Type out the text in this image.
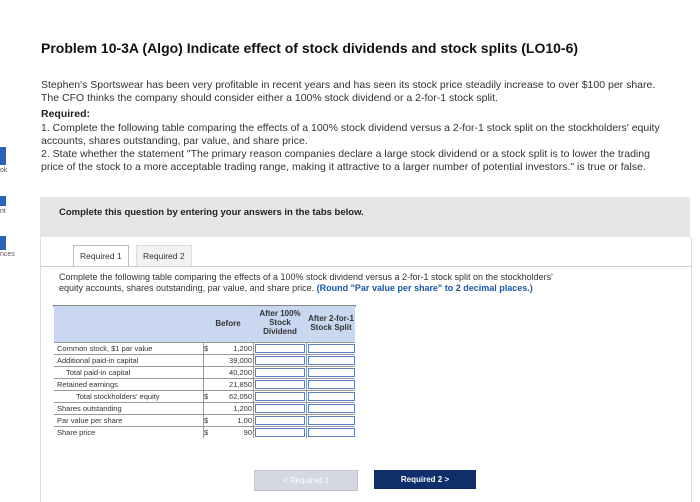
ok
nt
nces
Problem 10-3A (Algo) Indicate effect of stock dividends and stock splits (LO10-6)
Stephen's Sportswear has been very profitable in recent years and has seen its stock price steadily increase to over $100 per share.
The CFO thinks the company should consider either a 100% stock dividend or a 2-for-1 stock split.
Required:
1. Complete the following table comparing the effects of a 100% stock dividend versus a 2-for-1 stock split on the stockholders' equity
accounts, shares outstanding, par value, and share price.
2. State whether the statement "The primary reason companies declare a large stock dividend or a stock split is to lower the trading
price of the stock to a more acceptable trading range, making it attractive to a larger number of potential investors." is true or false.
Complete this question by entering your answers in the tabs below.
Required 1	Required 2
Complete the following table comparing the effects of a 100% stock dividend versus a 2-for-1 stock split on the stockholders'
equity accounts, shares outstanding, par value, and share price. (Round "Par value per share" to 2 decimal places.)
Before
After 100%
Stock
Dividend
After 2-for-1
Stock Split
Common stock, $1 par value	$	1,200
Additional paid-in capital	39,000
Total paid-in capital	40,200
Retained earnings	21,850
Total stockholders' equity	$	62,050
Shares outstanding	1,200
Par value per share	$	1.00
Share price	$	90
< Required 1	Required 2 >
